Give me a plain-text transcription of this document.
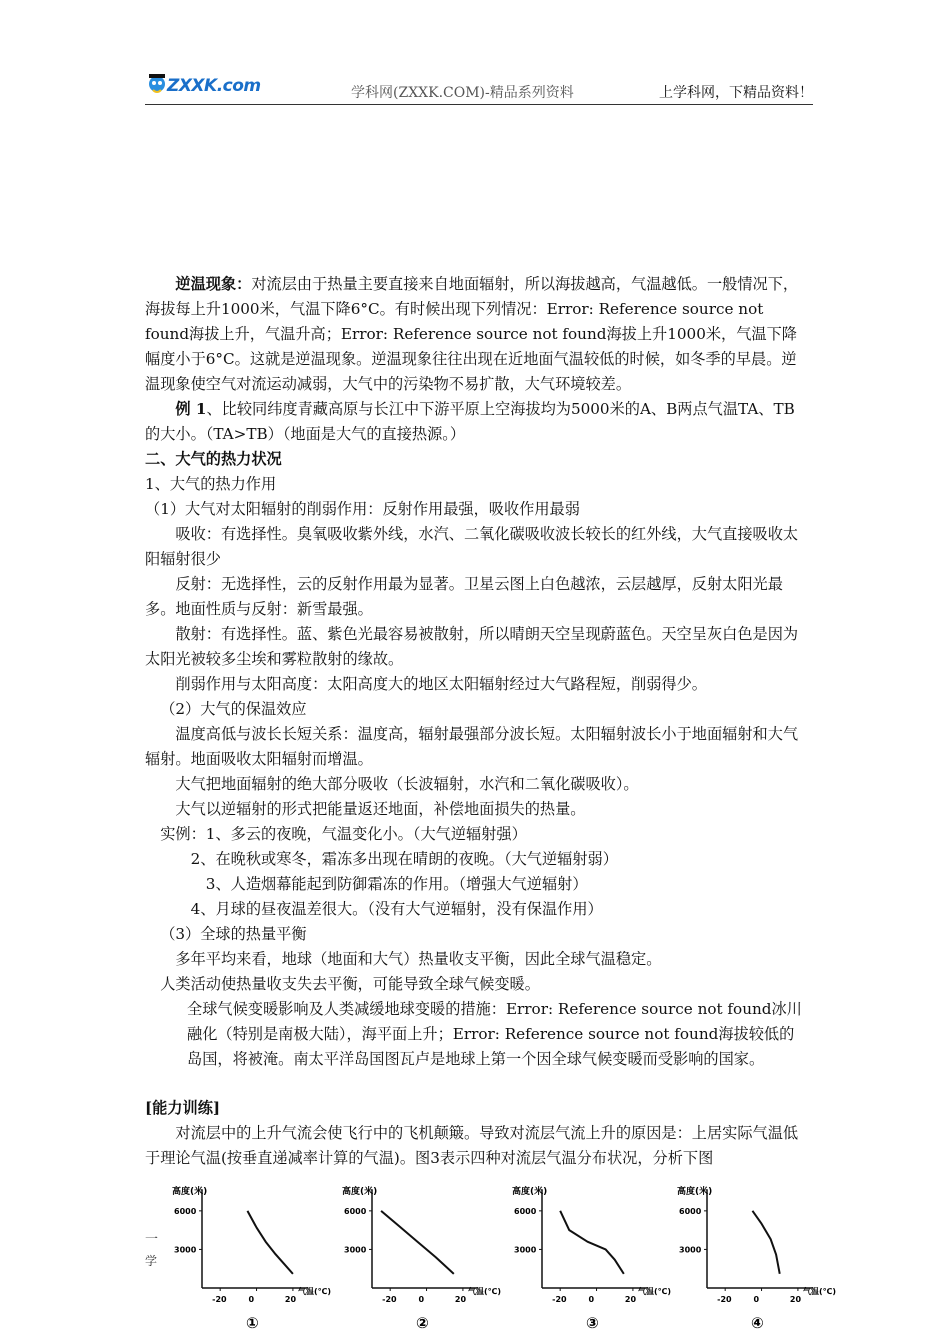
ZXXK.com	学科网(ZXXK.COM)-精品系列资料	上学科网，下精品资料！

逆温现象：对流层由于热量主要直接来自地面辐射，所以海拔越高，气温越低。一般情况下，海拔每上升1000米，气温下降6°C。有时候出现下列情况：Error: Reference source not found海拔上升，气温升高；Error: Reference source not found海拔上升1000米，气温下降幅度小于6°C。这就是逆温现象。逆温现象往往出现在近地面气温较低的时候，如冬季的早晨。逆温现象使空气对流运动减弱，大气中的污染物不易扩散，大气环境较差。

例 1、比较同纬度青藏高原与长江中下游平原上空海拔均为5000米的A、B两点气温TA、TB的大小。（TA>TB）（地面是大气的直接热源。）

二、大气的热力状况

1、大气的热力作用

（1）大气对太阳辐射的削弱作用：反射作用最强，吸收作用最弱

吸收：有选择性。臭氧吸收紫外线，水汽、二氧化碳吸收波长较长的红外线，大气直接吸收太阳辐射很少

反射：无选择性，云的反射作用最为显著。卫星云图上白色越浓，云层越厚，反射太阳光最多。地面性质与反射：新雪最强。

散射：有选择性。蓝、紫色光最容易被散射，所以晴朗天空呈现蔚蓝色。天空呈灰白色是因为太阳光被较多尘埃和雾粒散射的缘故。

削弱作用与太阳高度：太阳高度大的地区太阳辐射经过大气路程短，削弱得少。

（2）大气的保温效应

温度高低与波长长短关系：温度高，辐射最强部分波长短。太阳辐射波长小于地面辐射和大气辐射。地面吸收太阳辐射而增温。

大气把地面辐射的绝大部分吸收（长波辐射，水汽和二氧化碳吸收）。

大气以逆辐射的形式把能量返还地面，补偿地面损失的热量。

实例：1、多云的夜晚，气温变化小。（大气逆辐射强）

2、在晚秋或寒冬，霜冻多出现在晴朗的夜晚。（大气逆辐射弱）

3、人造烟幕能起到防御霜冻的作用。（增强大气逆辐射）

4、月球的昼夜温差很大。（没有大气逆辐射，没有保温作用）

（3）全球的热量平衡

多年平均来看，地球（地面和大气）热量收支平衡，因此全球气温稳定。

人类活动使热量收支失去平衡，可能导致全球气候变暖。

全球气候变暖影响及人类减缓地球变暖的措施：Error: Reference source not found冰川融化（特别是南极大陆），海平面上升；Error: Reference source not found海拔较低的岛国，将被淹。南太平洋岛国图瓦卢是地球上第一个因全球气候变暖而受影响的国家。

[能力训练]

对流层中的上升气流会使飞行中的飞机颠簸。导致对流层气流上升的原因是：上居实际气温低于理论气温(按垂直递减率计算的气温)。图3表示四种对流层气温分布状况，分析下图

一
学
高度(米)
气温(℃)
6000
3000
-20	0	20
①
高度(米)
气温(℃)
6000
3000
-20	0	20
②
高度(米)
气温(℃)
6000
3000
-20	0	20
③
高度(米)
气温(℃)
6000
3000
-20	0	20
④
